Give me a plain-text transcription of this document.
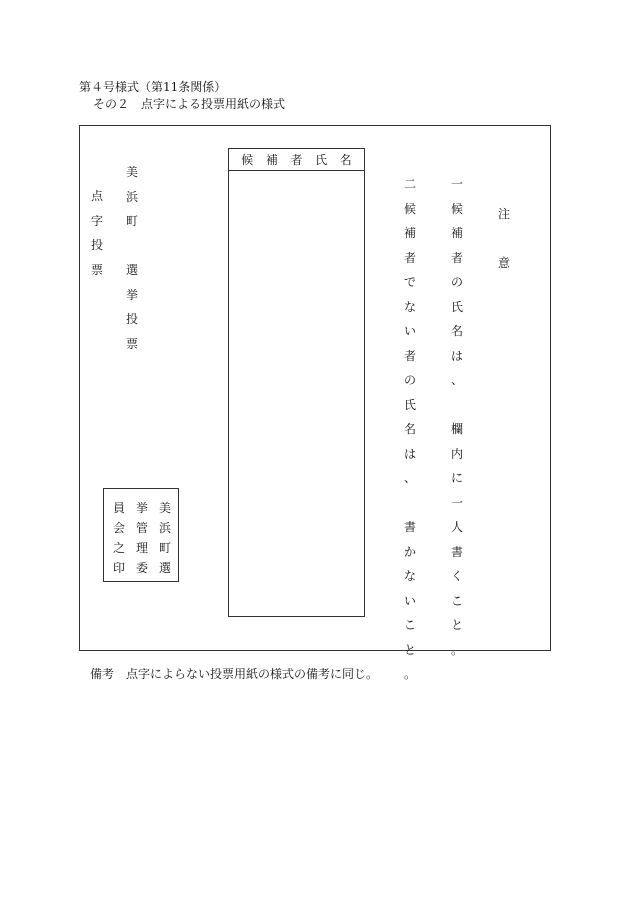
第４号様式（第11条関係）
その２　点字による投票用紙の様式
点
字
投
票
美
浜
町
選
挙
投
票
候 補 者 氏 名
美
浜
町
選
挙
管
理
委
員
会
之
印
注
意
一
候
補
者
の
氏
名
は
、
欄
内
に
一
人
書
く
こ
と
。
二
候
補
者
で
な
い
者
の
氏
名
は
、
書
か
な
い
こ
と
。
備考　点字によらない投票用紙の様式の備考に同じ。
